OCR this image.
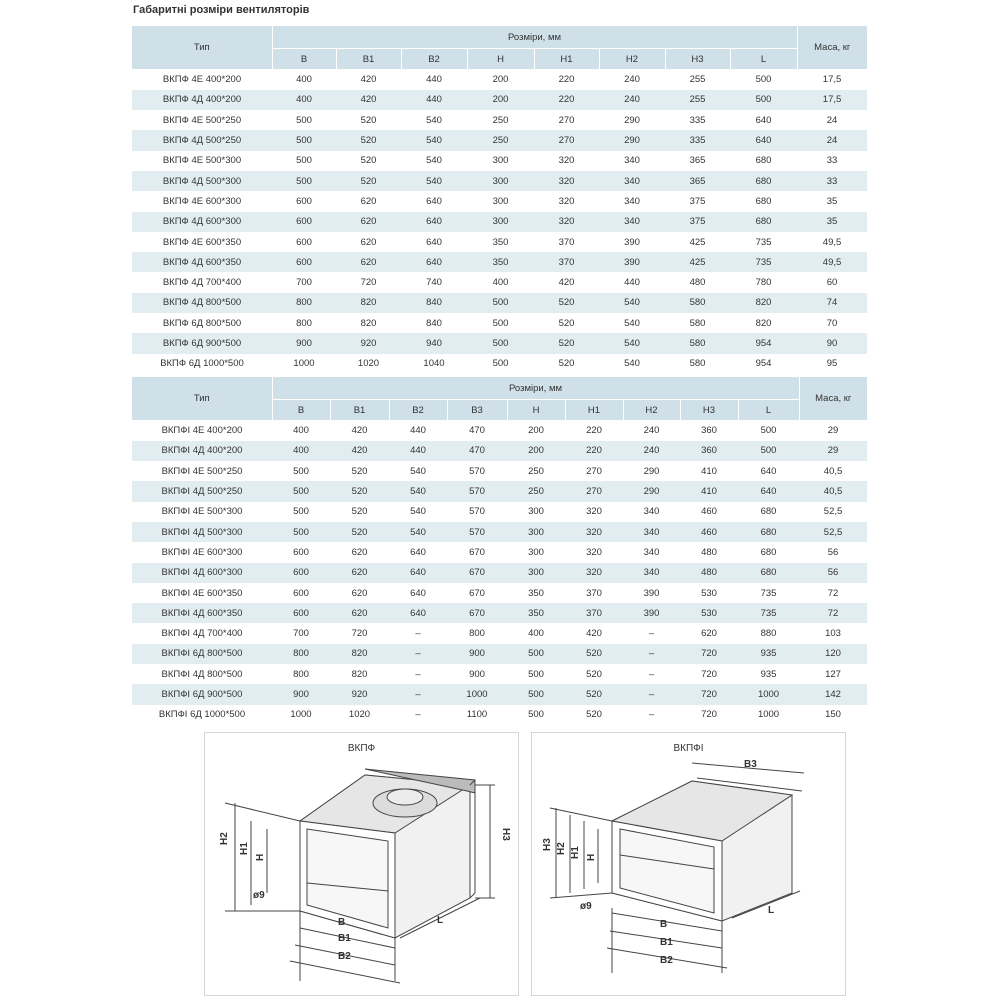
Габаритні розміри вентиляторів
Тип	Розміри, мм								Маса, кг
	B	B1	B2	H	H1	H2	H3	L	
ВКПФ 4Е 400*200	400	420	440	200	220	240	255	500	17,5
ВКПФ 4Д 400*200	400	420	440	200	220	240	255	500	17,5
ВКПФ 4Е 500*250	500	520	540	250	270	290	335	640	24
ВКПФ 4Д 500*250	500	520	540	250	270	290	335	640	24
ВКПФ 4Е 500*300	500	520	540	300	320	340	365	680	33
ВКПФ 4Д 500*300	500	520	540	300	320	340	365	680	33
ВКПФ 4Е 600*300	600	620	640	300	320	340	375	680	35
ВКПФ 4Д 600*300	600	620	640	300	320	340	375	680	35
ВКПФ 4Е 600*350	600	620	640	350	370	390	425	735	49,5
ВКПФ 4Д 600*350	600	620	640	350	370	390	425	735	49,5
ВКПФ 4Д 700*400	700	720	740	400	420	440	480	780	60
ВКПФ 4Д 800*500	800	820	840	500	520	540	580	820	74
ВКПФ 6Д 800*500	800	820	840	500	520	540	580	820	70
ВКПФ 6Д 900*500	900	920	940	500	520	540	580	954	90
ВКПФ 6Д 1000*500	1000	1020	1040	500	520	540	580	954	95
Тип	Розміри, мм									Маса, кг
	B	B1	B2	B3	H	H1	H2	H3	L	
ВКПФІ 4Е 400*200	400	420	440	470	200	220	240	360	500	29
ВКПФІ 4Д 400*200	400	420	440	470	200	220	240	360	500	29
ВКПФІ 4Е 500*250	500	520	540	570	250	270	290	410	640	40,5
ВКПФІ 4Д 500*250	500	520	540	570	250	270	290	410	640	40,5
ВКПФІ 4Е 500*300	500	520	540	570	300	320	340	460	680	52,5
ВКПФІ 4Д 500*300	500	520	540	570	300	320	340	460	680	52,5
ВКПФІ 4Е 600*300	600	620	640	670	300	320	340	480	680	56
ВКПФІ 4Д 600*300	600	620	640	670	300	320	340	480	680	56
ВКПФІ 4Е 600*350	600	620	640	670	350	370	390	530	735	72
ВКПФІ 4Д 600*350	600	620	640	670	350	370	390	530	735	72
ВКПФІ 4Д 700*400	700	720	–	800	400	420	–	620	880	103
ВКПФІ 6Д 800*500	800	820	–	900	500	520	–	720	935	120
ВКПФІ 4Д 800*500	800	820	–	900	500	520	–	720	935	127
ВКПФІ 6Д 900*500	900	920	–	1000	500	520	–	720	1000	142
ВКПФІ 6Д 1000*500	1000	1020	–	1100	500	520	–	720	1000	150
ВКПФ
H2
H1
H
H3
ø9
B
B1
B2
L
ВКПФІ
H3 H2 H1 H
ø9
B
B1
B2
B3
L
